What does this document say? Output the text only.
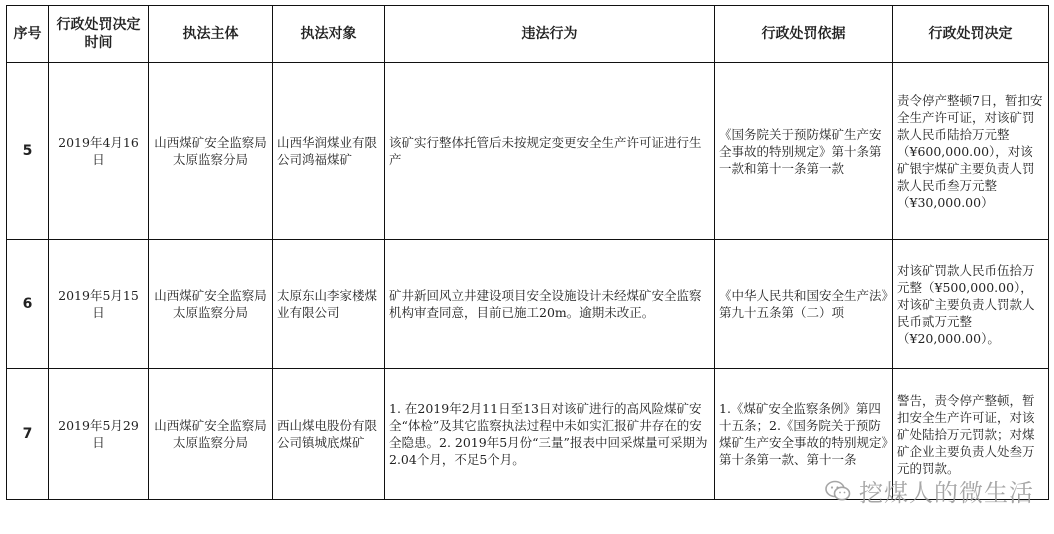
序号	行政处罚决定时间	执法主体	执法对象	违法行为	行政处罚依据	行政处罚决定
5	2019年4月16日	山西煤矿安全监察局太原监察分局	山西华润煤业有限公司鸿福煤矿	该矿实行整体托管后未按规定变更安全生产许可证进行生产	《国务院关于预防煤矿生产安全事故的特别规定》第十条第一款和第十一条第一款	责令停产整顿7日，暂扣安全生产许可证，对该矿罚款人民币陆拾万元整（¥600,000.00），对该矿银宇煤矿主要负责人罚款人民币叁万元整（¥30,000.00）
6	2019年5月15日	山西煤矿安全监察局太原监察分局	太原东山李家楼煤业有限公司	矿井新回风立井建设项目安全设施设计未经煤矿安全监察机构审查同意，目前已施工20m。逾期未改正。	《中华人民共和国安全生产法》第九十五条第（二）项	对该矿罚款人民币伍拾万元整（¥500,000.00），对该矿主要负责人罚款人民币贰万元整（¥20,000.00）。
7	2019年5月29日	山西煤矿安全监察局太原监察分局	西山煤电股份有限公司镇城底煤矿	1. 在2019年2月11日至13日对该矿进行的高风险煤矿安全“体检”及其它监察执法过程中未如实汇报矿井存在的安全隐患。2. 2019年5月份“三量”报表中回采煤量可采期为2.04个月，不足5个月。	1.《煤矿安全监察条例》第四十五条；2.《国务院关于预防煤矿生产安全事故的特别规定》第十条第一款、第十一条	警告，责令停产整顿，暂扣安全生产许可证，对该矿处陆拾万元罚款；对煤矿企业主要负责人处叁万元的罚款。
挖煤人的微生活
